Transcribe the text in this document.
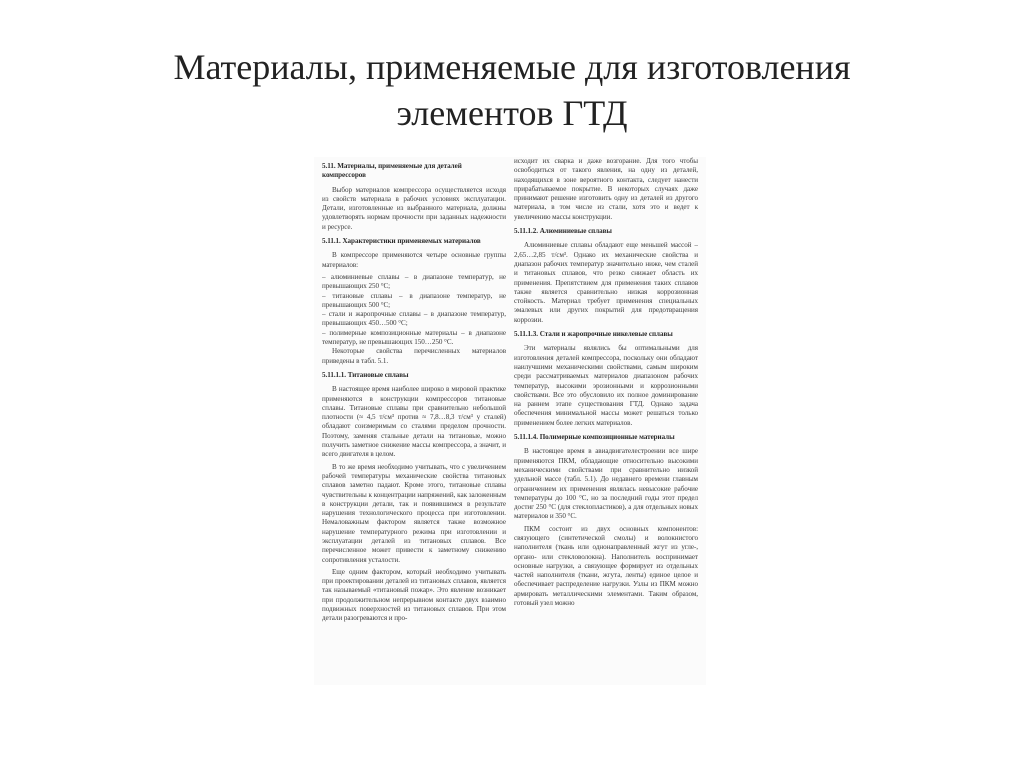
Материалы, применяемые для изготовления
элементов ГТД
5.11. Материалы, применяемые для деталей компрессоров
Выбор материалов компрессора осуществляется исходя из свойств материала в рабочих условиях эксплуатации. Детали, изготовленные из выбранного материала, должны удовлетворять нормам прочности при заданных надежности и ресурсе.
5.11.1. Характеристики применяемых материалов
В компрессоре применяются четыре основные группы материалов:
– алюминиевые сплавы – в диапазоне температур, не превышающих 250 °С;
– титановые сплавы – в диапазоне температур, не превышающих 500 °С;
– стали и жаропрочные сплавы – в диапазоне температур, превышающих 450…500 °С;
– полимерные композиционные материалы – в диапазоне температур, не превышающих 150…250 °С.
Некоторые свойства перечисленных материалов приведены в табл. 5.1.
5.11.1.1. Титановые сплавы
В настоящее время наиболее широко в мировой практике применяются в конструкции компрессоров титановые сплавы. Титановые сплавы при сравнительно небольшой плотности (≈ 4,5 т/см³ против ≈ 7,8…8,3 т/см³ у сталей) обладают соизмеримым со сталями пределом прочности. Поэтому, заменяя стальные детали на титановые, можно получить заметное снижение массы компрессора, а значит, и всего двигателя в целом.
В то же время необходимо учитывать, что с увеличением рабочей температуры механические свойства титановых сплавов заметно падают. Кроме этого, титановые сплавы чувствительны к концентрации напряжений, как заложенным в конструкции детали, так и появившимся в результате нарушения технологического процесса при изготовлении. Немаловажным фактором является также возможное нарушение температурного режима при изготовлении и эксплуатации деталей из титановых сплавов. Все перечисленное может привести к заметному снижению сопротивления усталости.
Еще одним фактором, который необходимо учитывать при проектировании деталей из титановых сплавов, является так называемый «титановый пожар». Это явление возникает при продолжительном непрерывном контакте двух взаимно подвижных поверхностей из титановых сплавов. При этом детали разогреваются и про-
исходит их сварка и даже возгорание. Для того чтобы освободиться от такого явления, на одну из деталей, находящихся в зоне вероятного контакта, следует нанести прирабатываемое покрытие. В некоторых случаях даже принимают решение изготовить одну из деталей из другого материала, в том числе из стали, хотя это и ведет к увеличению массы конструкции.
5.11.1.2. Алюминиевые сплавы
Алюминиевые сплавы обладают еще меньшей массой – 2,65…2,85 т/см³. Однако их механические свойства и диапазон рабочих температур значительно ниже, чем сталей и титановых сплавов, что резко снижает область их применения. Препятствием для применения таких сплавов также является сравнительно низкая коррозионная стойкость. Материал требует применения специальных эмалевых или других покрытий для предотвращения коррозии.
5.11.1.3. Стали и жаропрочные никелевые сплавы
Эти материалы являлись бы оптимальными для изготовления деталей компрессора, поскольку они обладают наилучшими механическими свойствами, самым широким среди рассматриваемых материалов диапазоном рабочих температур, высокими эрозионными и коррозионными свойствами. Все это обусловило их полное доминирование на раннем этапе существования ГТД. Однако задача обеспечения минимальной массы может решаться только применением более легких материалов.
5.11.1.4. Полимерные композиционные материалы
В настоящее время в авиадвигателестроении все шире применяются ПКМ, обладающие относительно высокими механическими свойствами при сравнительно низкой удельной массе (табл. 5.1). До недавнего времени главным ограничением их применения являлась невысокие рабочие температуры до 100 °С, но за последний годы этот предел достиг 250 °С (для стеклопластиков), а для отдельных новых материалов и 350 °С.
ПКМ состоит из двух основных компонентов: связующего (синтетической смолы) и волокнистого наполнителя (ткань или однонаправленный жгут из угле-, органо- или стекловолокна). Наполнитель воспринимает основные нагрузки, а связующее формирует из отдельных частей наполнителя (ткани, жгута, ленты) единое целое и обеспечивает распределение нагрузки. Узлы из ПКМ можно армировать металлическими элементами. Таким образом, готовый узел можно
